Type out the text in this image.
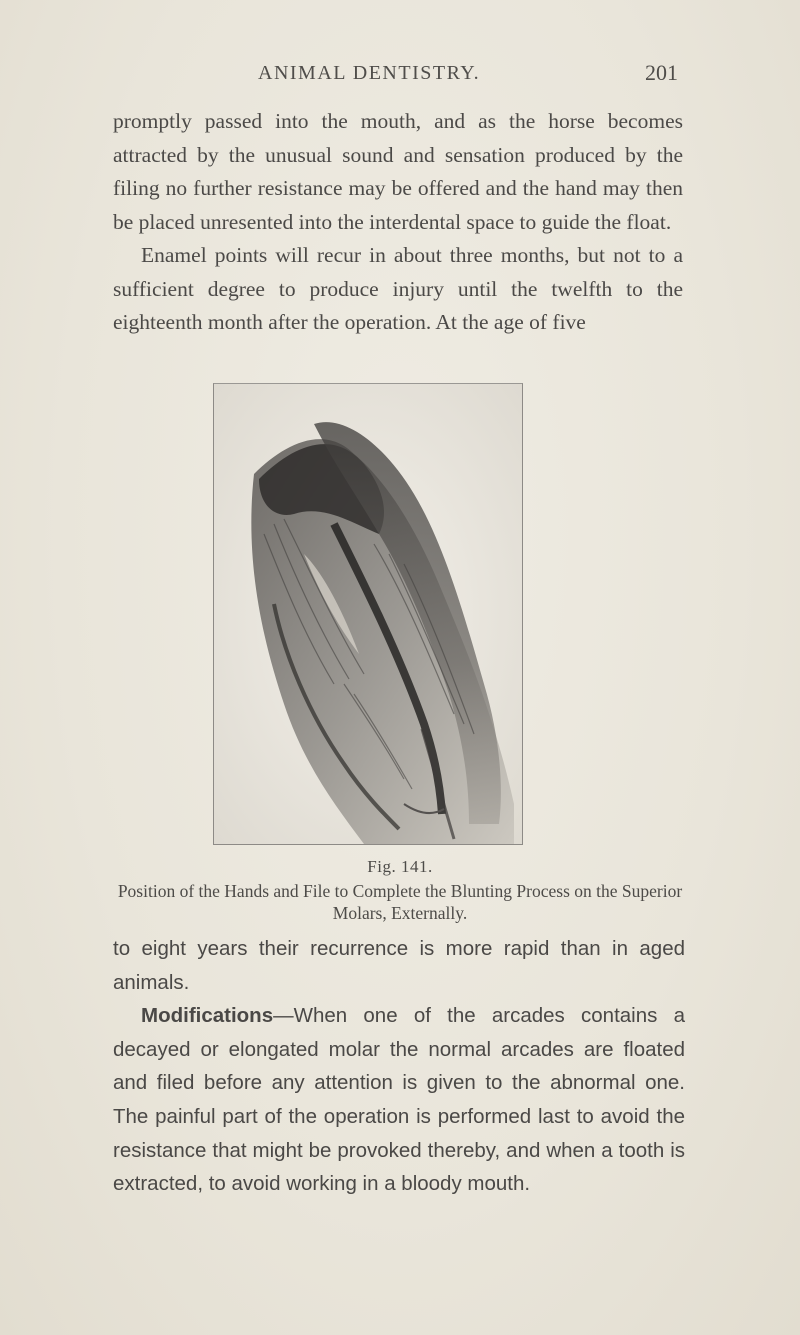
ANIMAL DENTISTRY.	201

promptly passed into the mouth, and as the horse becomes attracted by the unusual sound and sensation produced by the filing no further resistance may be offered and the hand may then be placed unresented into the interdental space to guide the float.

Enamel points will recur in about three months, but not to a sufficient degree to produce injury until the twelfth to the eighteenth month after the operation. At the age of five

Fig. 141.
Position of the Hands and File to Complete the Blunting Process on the Superior Molars, Externally.

to eight years their recurrence is more rapid than in aged animals.

Modifications—When one of the arcades contains a decayed or elongated molar the normal arcades are floated and filed before any attention is given to the abnormal one. The painful part of the operation is performed last to avoid the resistance that might be provoked thereby, and when a tooth is extracted, to avoid working in a bloody mouth.
